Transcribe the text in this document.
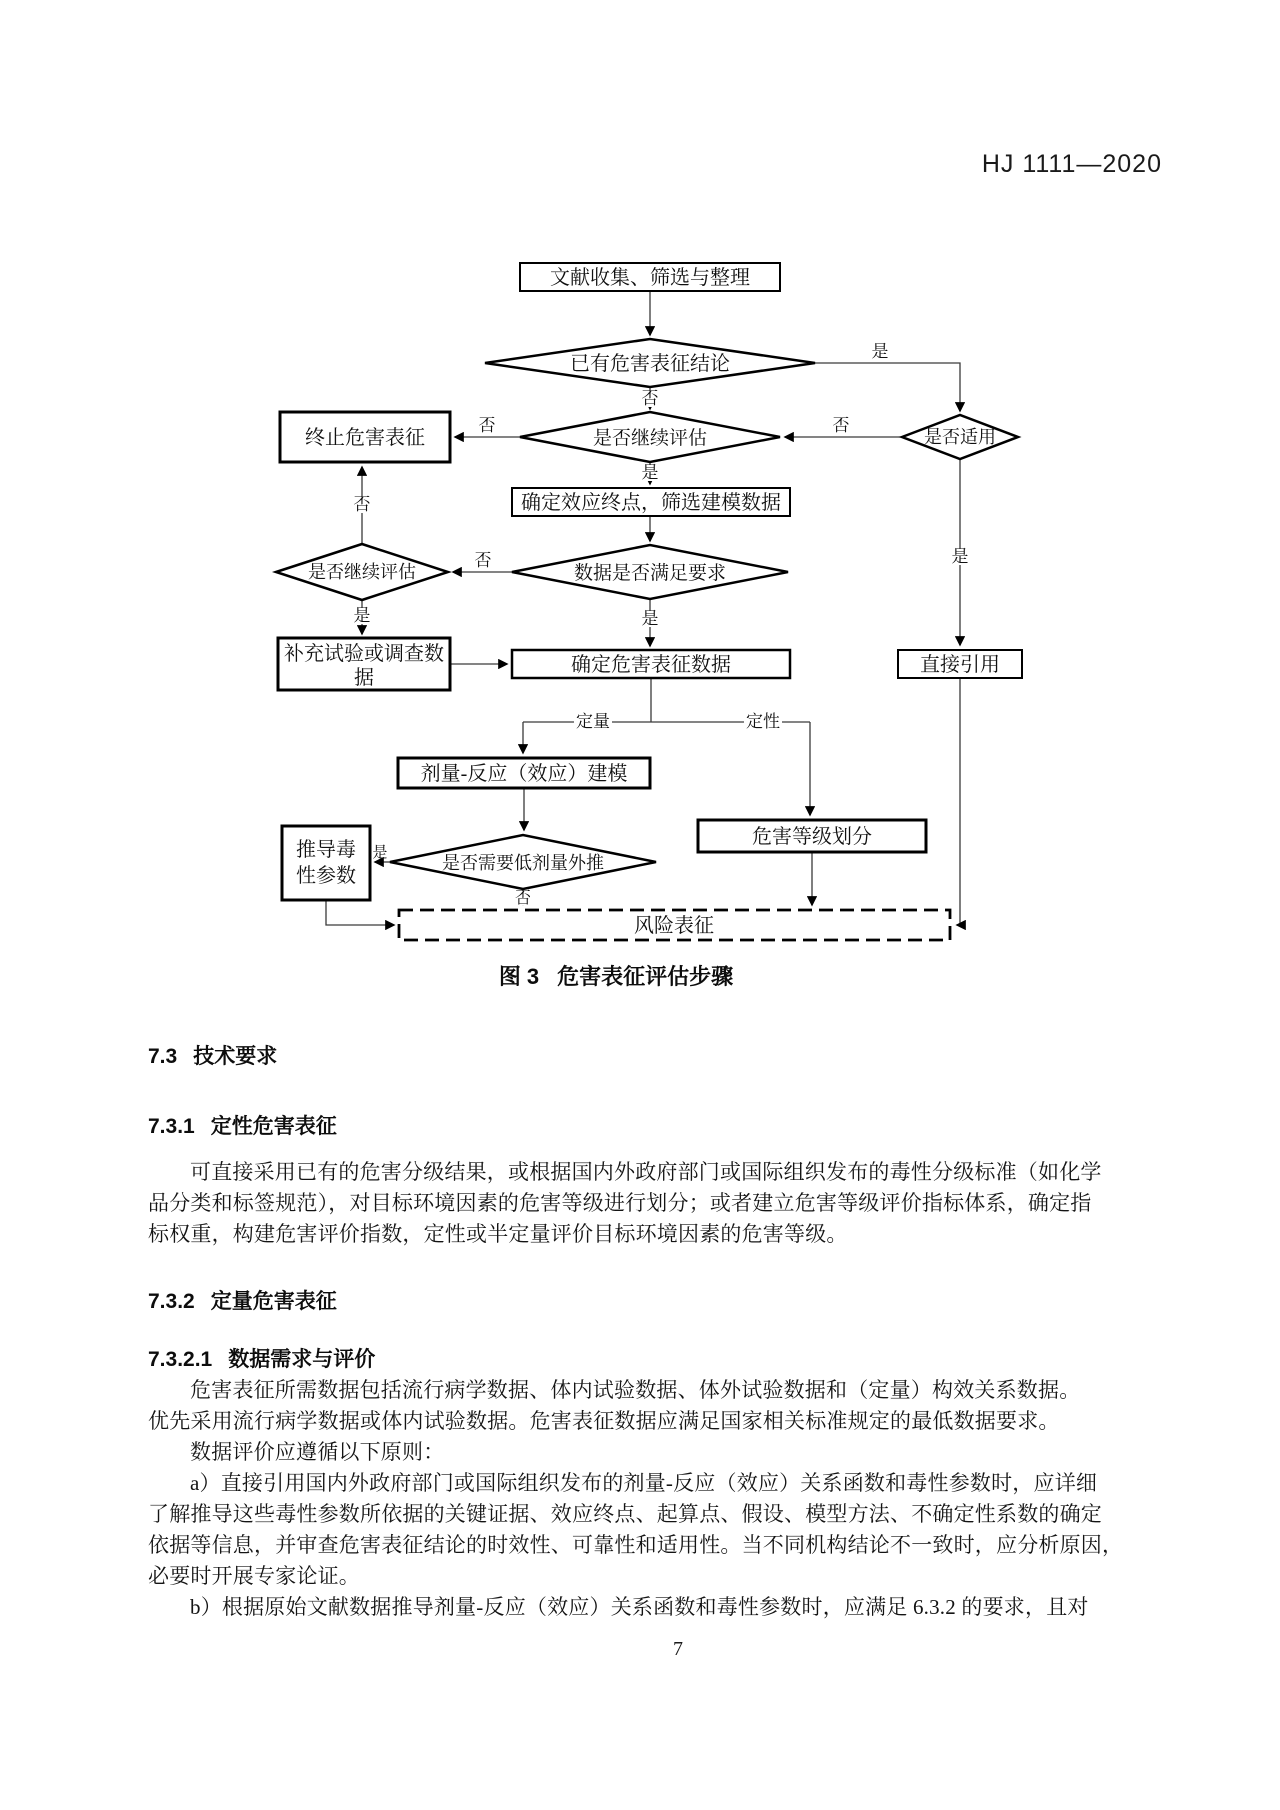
HJ 1111—2020
文献收集、筛选与整理
终止危害表征
确定效应终点，筛选建模数据
补充试验或调查数
据
确定危害表征数据	直接引用
剂量-反应（效应）建模
危害等级划分
推导毒
性参数
风险表征
已有危害表征结论
是否继续评估	是否适用
数据是否满足要求
是否继续评估
是否需要低剂量外推
是
否
否
否
是
否
否
是	是
定量	定性
是
否
是
图 3 危害表征评估步骤
7.3 技术要求
7.3.1 定性危害表征
可直接采用已有的危害分级结果，或根据国内外政府部门或国际组织发布的毒性分级标准（如化学
品分类和标签规范），对目标环境因素的危害等级进行划分；或者建立危害等级评价指标体系，确定指
标权重，构建危害评价指数，定性或半定量评价目标环境因素的危害等级。
7.3.2 定量危害表征
7.3.2.1 数据需求与评价
危害表征所需数据包括流行病学数据、体内试验数据、体外试验数据和（定量）构效关系数据。
优先采用流行病学数据或体内试验数据。危害表征数据应满足国家相关标准规定的最低数据要求。
数据评价应遵循以下原则：
a）直接引用国内外政府部门或国际组织发布的剂量-反应（效应）关系函数和毒性参数时，应详细
了解推导这些毒性参数所依据的关键证据、效应终点、起算点、假设、模型方法、不确定性系数的确定
依据等信息，并审查危害表征结论的时效性、可靠性和适用性。当不同机构结论不一致时，应分析原因，
必要时开展专家论证。
b）根据原始文献数据推导剂量-反应（效应）关系函数和毒性参数时，应满足 6.3.2 的要求，且对
7
